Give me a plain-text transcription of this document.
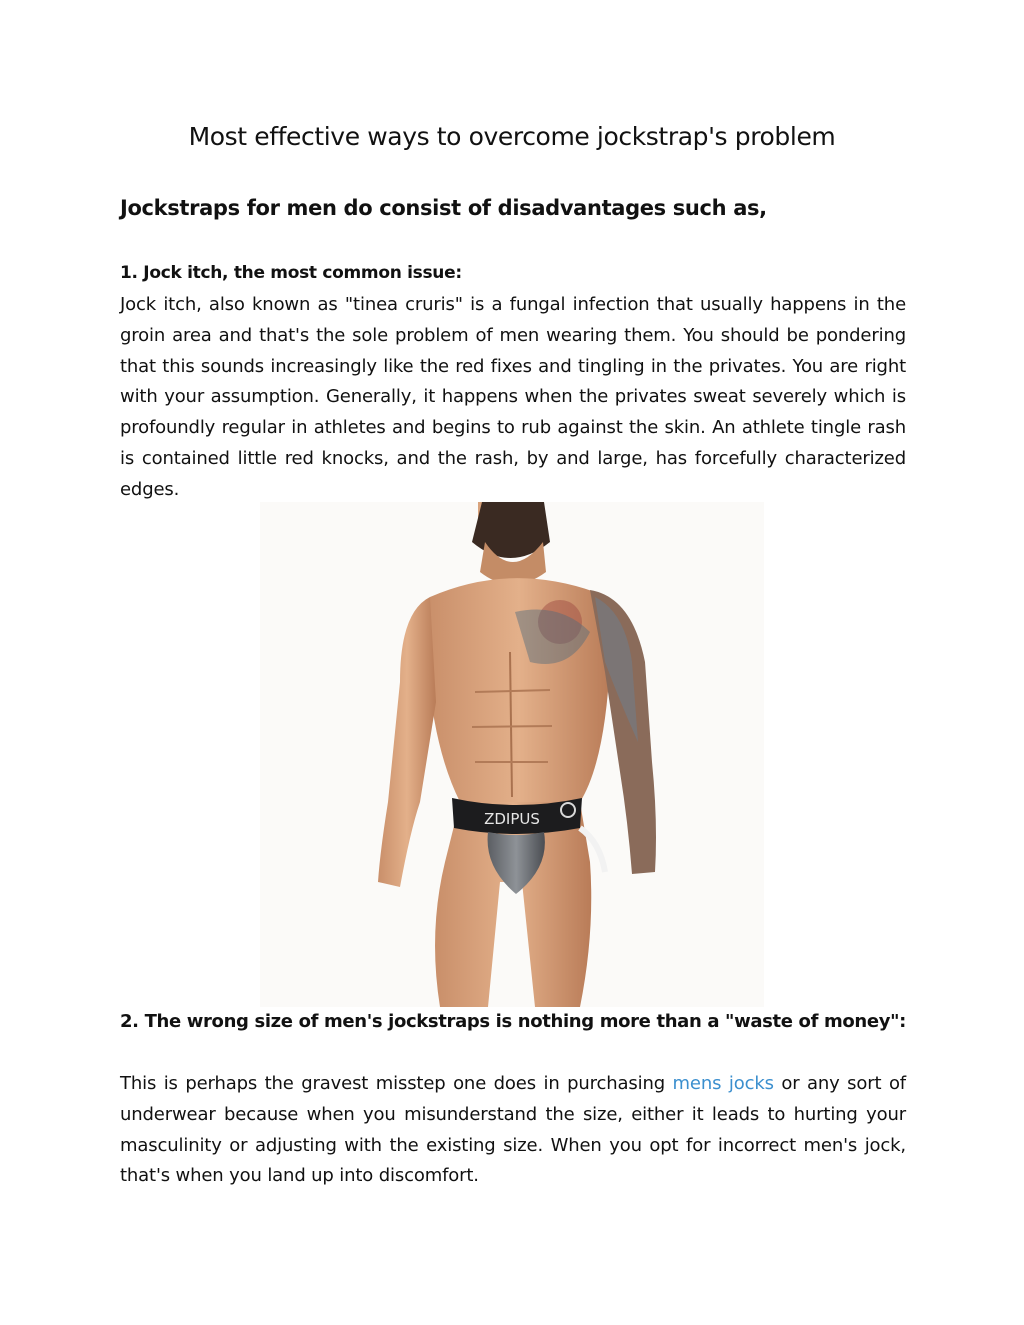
Most effective ways to overcome jockstrap's problem
Jockstraps for men do consist of disadvantages such as,
1. Jock itch, the most common issue:

Jock itch, also known as "tinea cruris" is a fungal infection that usually happens in the groin area and that's the sole problem of men wearing them. You should be pondering that this sounds increasingly like the red fixes and tingling in the privates. You are right with your assumption. Generally, it happens when the privates sweat severely which is profoundly regular in athletes and begins to rub against the skin. An athlete tingle rash is contained little red knocks, and the rash, by and large, has forcefully characterized edges.

ZDIPUS
2. The wrong size of men's jockstraps is nothing more than a "waste of money":

This is perhaps the gravest misstep one does in purchasing mens jocks or any sort of underwear because when you misunderstand the size, either it leads to hurting your masculinity or adjusting with the existing size. When you opt for incorrect men's jock, that's when you land up into discomfort.
